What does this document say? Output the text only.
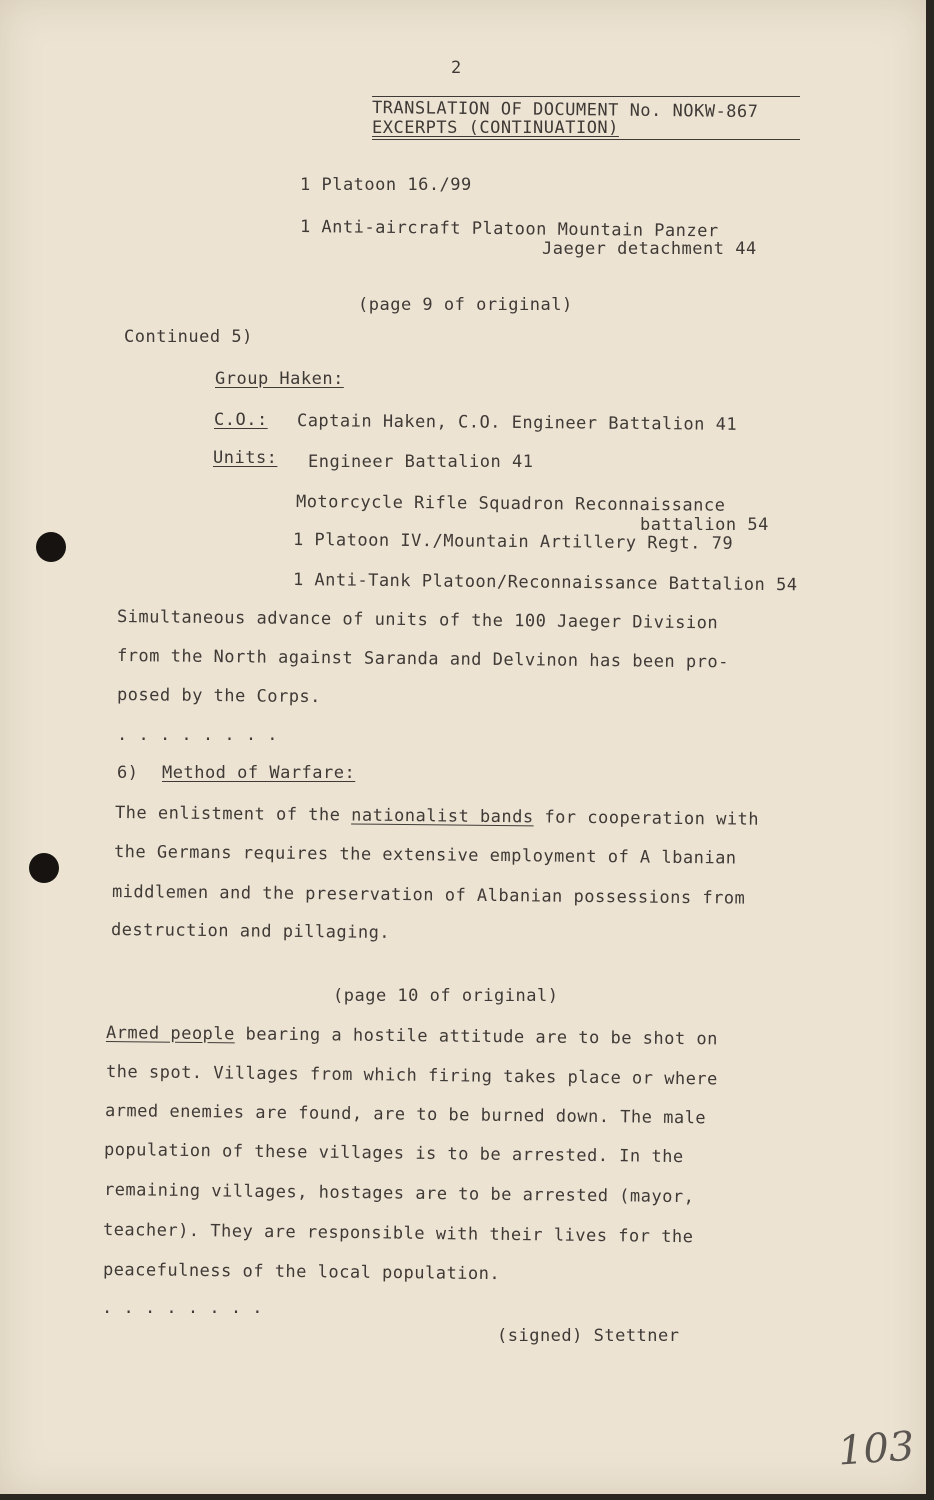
2
TRANSLATION OF DOCUMENT No. NOKW-867
EXCERPTS (CONTINUATION)
1 Platoon 16./99
1 Anti-aircraft Platoon Mountain Panzer
Jaeger detachment 44
(page 9 of original)
Continued 5)
Group Haken:
C.O.: Captain Haken, C.O. Engineer Battalion 41
Units: Engineer Battalion 41
Motorcycle Rifle Squadron Reconnaissance
battalion 54
1 Platoon IV./Mountain Artillery Regt. 79
1 Anti-Tank Platoon/Reconnaissance Battalion 54
Simultaneous advance of units of the 100 Jaeger Division
from the North against Saranda and Delvinon has been pro-
posed by the Corps.
. . . . . . . .
6) Method of Warfare:
The enlistment of the nationalist bands for cooperation with
the Germans requires the extensive employment of A lbanian
middlemen and the preservation of Albanian possessions from
destruction and pillaging.
(page 10 of original)
Armed people bearing a hostile attitude are to be shot on
the spot. Villages from which firing takes place or where
armed enemies are found, are to be burned down. The male
population of these villages is to be arrested. In the
remaining villages, hostages are to be arrested (mayor,
teacher). They are responsible with their lives for the
peacefulness of the local population.
. . . . . . . .
(signed) Stettner
103
